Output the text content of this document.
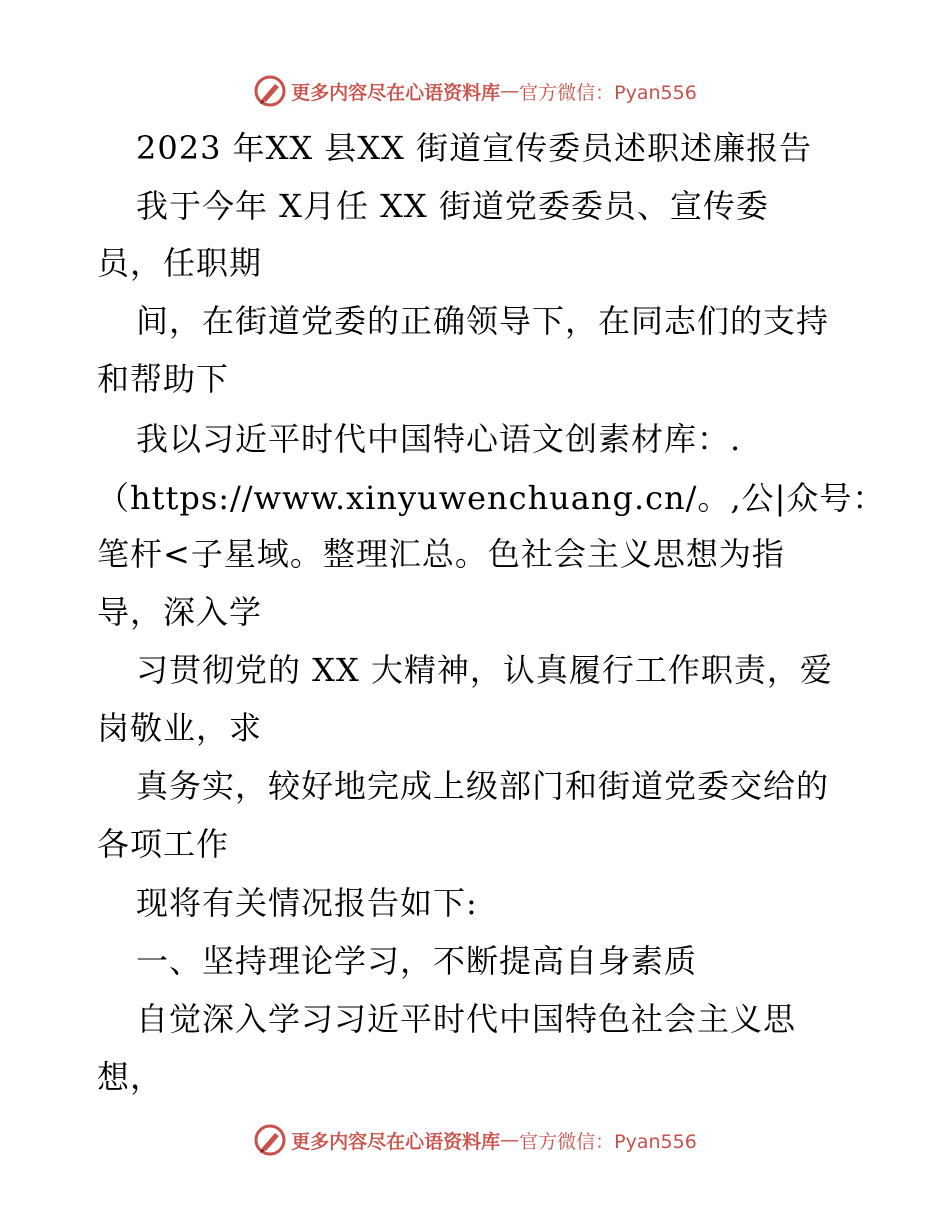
更多内容尽在心语资料库 — 官方微信：Pyan556
2023 年XX 县XX 街道宣传委员述职述廉报告
我于今年 X月任 XX 街道党委委员、宣传委
员，任职期
间，在街道党委的正确领导下，在同志们的支持
和帮助下
我以习近平时代中国特心语文创素材库：.
（https://www.xinyuwenchuang.cn/。,公|众号：
笔杆<子星域。整理汇总。色社会主义思想为指
导，深入学
习贯彻党的 XX 大精神，认真履行工作职责，爱
岗敬业，求
真务实，较好地完成上级部门和街道党委交给的
各项工作
现将有关情况报告如下:
一、坚持理论学习，不断提高自身素质
自觉深入学习习近平时代中国特色社会主义思
想，
更多内容尽在心语资料库 — 官方微信：Pyan556
